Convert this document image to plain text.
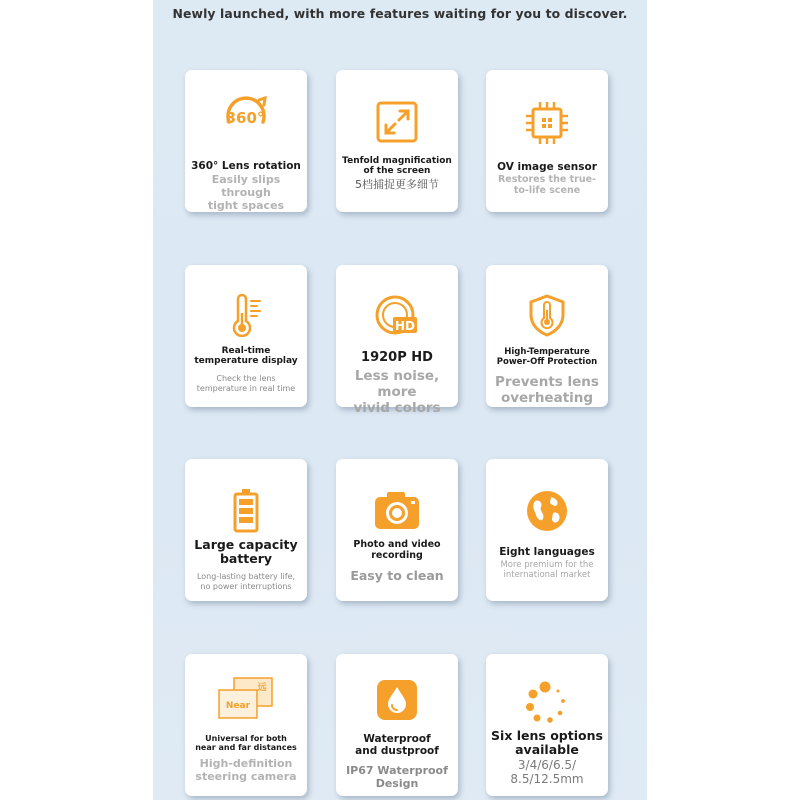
Newly launched, with more features waiting for you to discover.
360°
360° Lens rotation
Easily slips through
tight spaces
Tenfold magnification
of the screen
5档捕捉更多细节
OV image sensor
Restores the true-
to-life scene
Real-time
temperature display
Check the lens
temperature in real time
HD
1920P HD
Less noise, more
vivid colors
High-Temperature
Power-Off Protection
Prevents lens
overheating
Large capacity
battery
Long-lasting battery life,
no power interruptions
Photo and video
recording
Easy to clean
Eight languages
More premium for the
international market
远
Near
Universal for both
near and far distances
High-definition
steering camera
Waterproof
and dustproof
IP67 Waterproof
Design
Six lens options
available
3/4/6/6.5/
8.5/12.5mm
